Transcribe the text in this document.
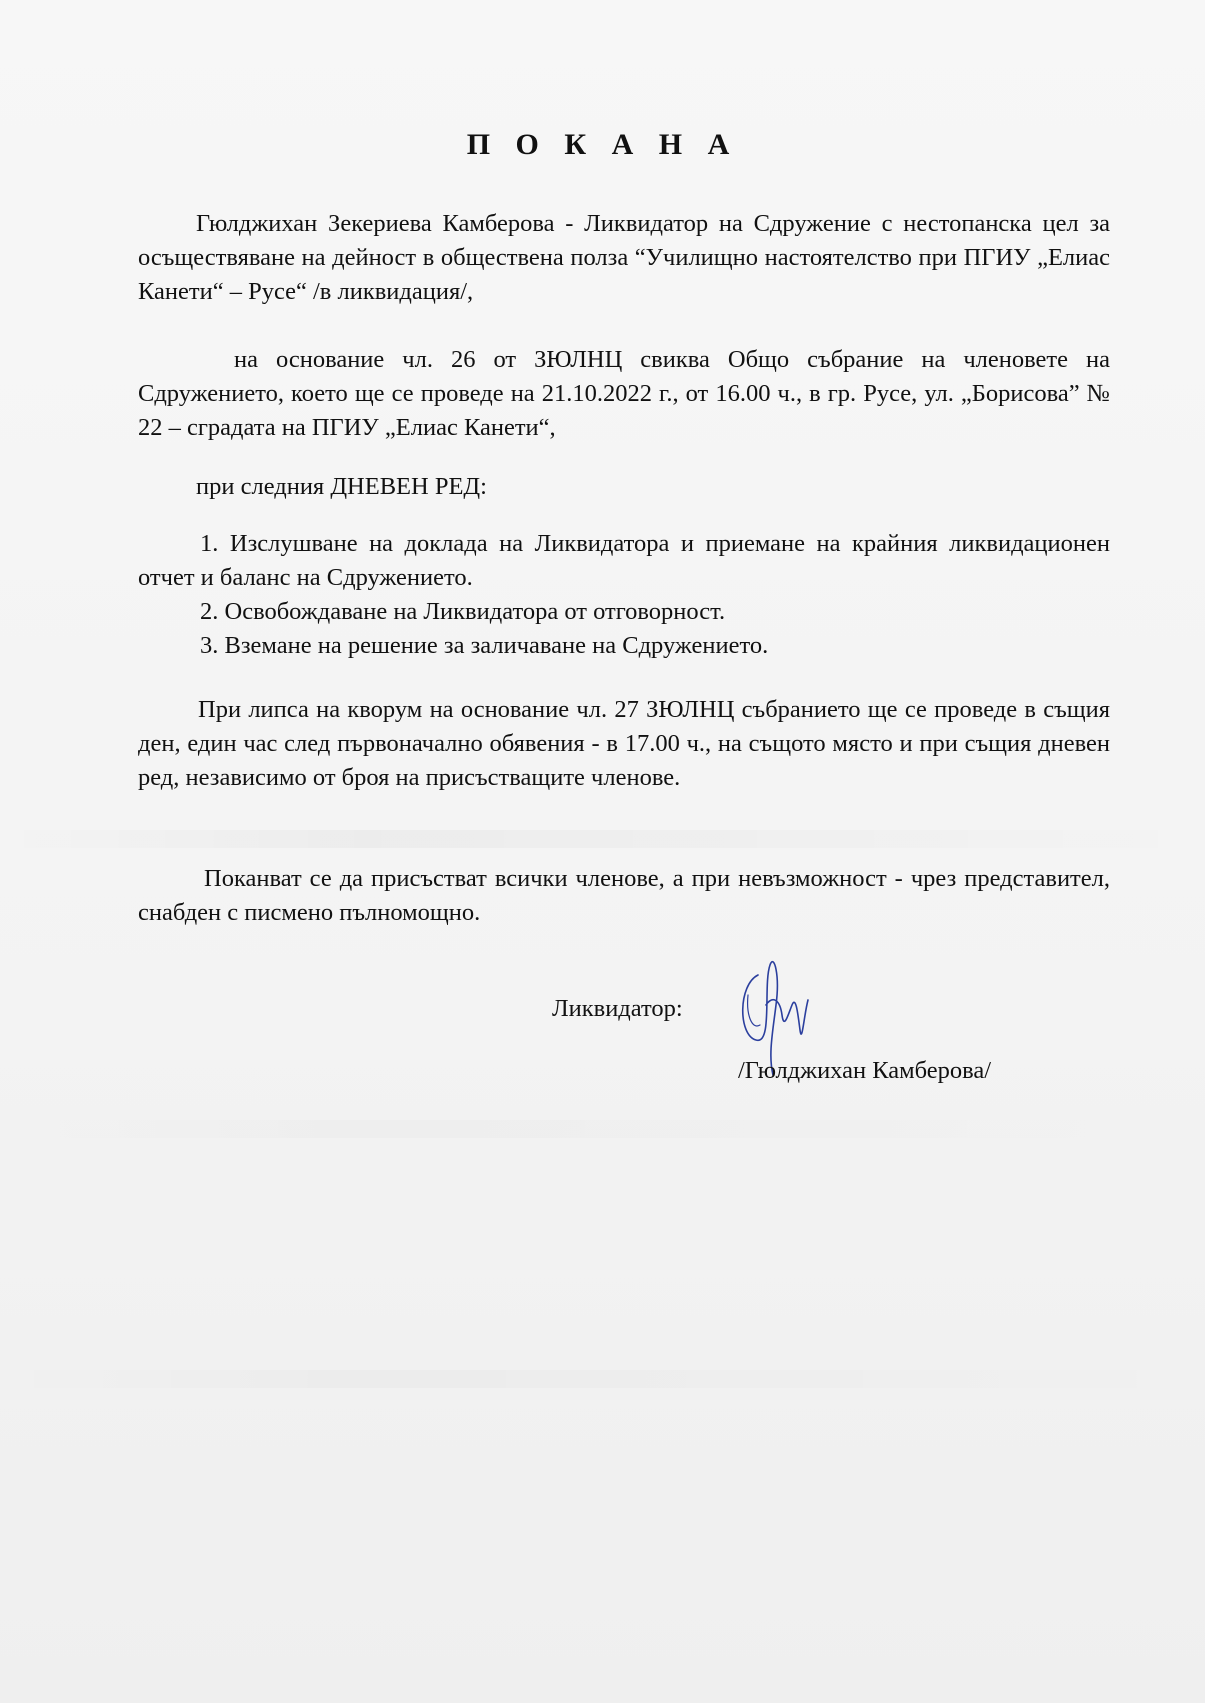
П О К А Н А

Гюлджихан Зекериева Камберова - Ликвидатор на Сдружение с нестопанска цел за осъществяване на дейност в обществена полза “Училищно настоятелство при ПГИУ „Елиас Канети“ – Русе“ /в ликвидация/,

на основание чл. 26 от ЗЮЛНЦ свиква Общо събрание на членовете на Сдружението, което ще се проведе на 21.10.2022 г., от 16.00 ч., в гр. Русе, ул. „Борисова” № 22 – сградата на ПГИУ „Елиас Канети“,

при следния ДНЕВЕН РЕД:

1. Изслушване на доклада на Ликвидатора и приемане на крайния ликвидационен отчет и баланс на Сдружението.
2. Освобождаване на Ликвидатора от отговорност.
3. Вземане на решение за заличаване на Сдружението.

При липса на кворум на основание чл. 27 ЗЮЛНЦ събранието ще се проведе в същия ден, един час след първоначално обявения - в 17.00 ч., на същото място и при същия дневен ред, независимо от броя на присъстващите членове.

Поканват се да присъстват всички членове, а при невъзможност - чрез представител, снабден с писмено пълномощно.

Ликвидатор:
/Гюлджихан Камберова/
